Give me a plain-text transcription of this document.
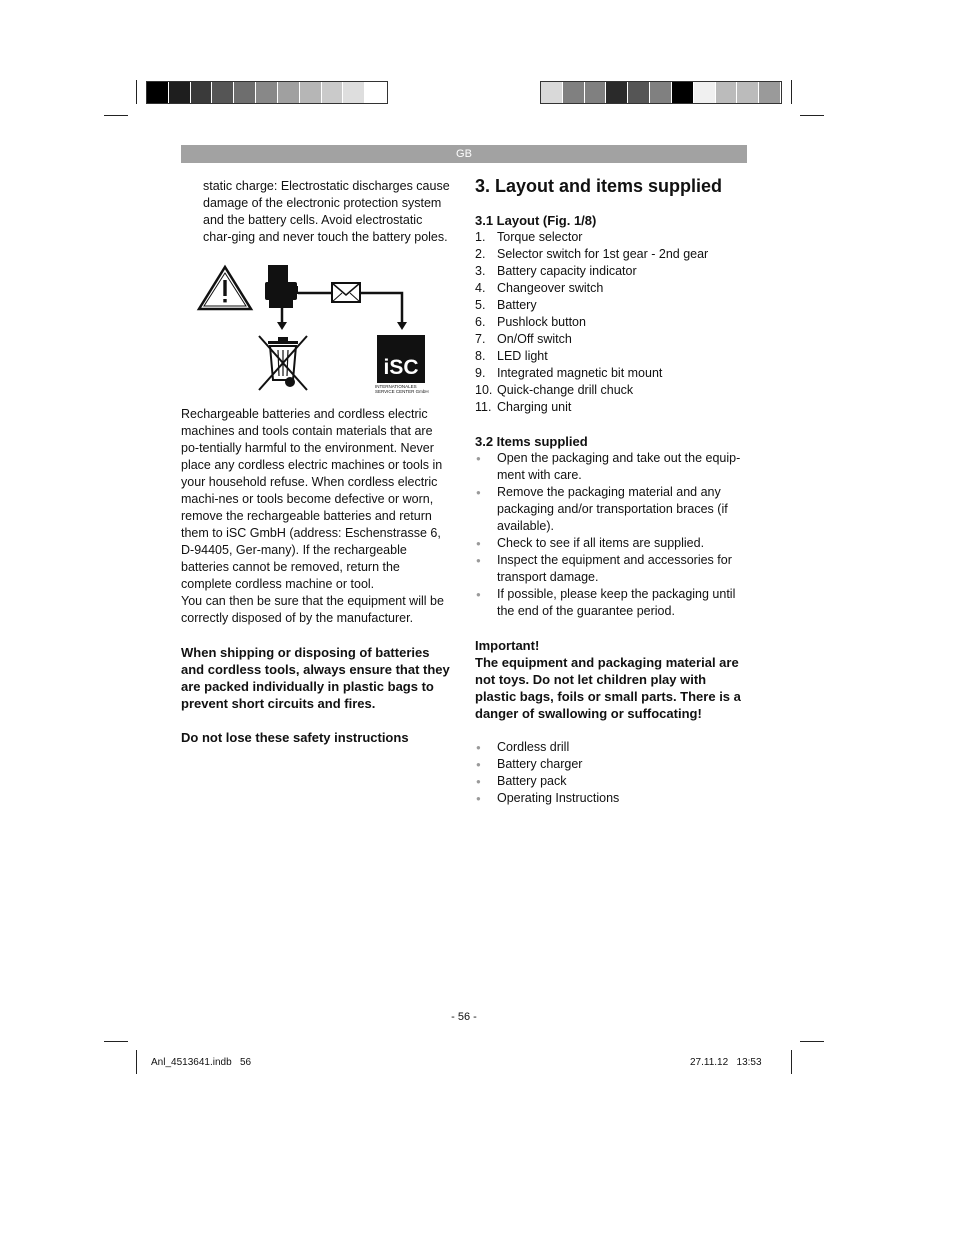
GB

static charge: Electrostatic discharges cause damage of the electronic protection system and the battery cells. Avoid electrostatic char-ging and never touch the battery poles.

iSC
INTERNATIONALES SERVICE CENTER GmbH

Rechargeable batteries and cordless electric machines and tools contain materials that are po-tentially harmful to the environment. Never place any cordless electric machines or tools in your household refuse. When cordless electric machi-nes or tools become defective or worn, remove the rechargeable batteries and return them to iSC GmbH (address: Eschenstrasse 6, D-94405, Ger-many). If the rechargeable batteries cannot be removed, return the complete cordless machine or tool.

You can then be sure that the equipment will be correctly disposed of by the manufacturer.

When shipping or disposing of batteries and cordless tools, always ensure that they are packed individually in plastic bags to prevent short circuits and fires.

Do not lose these safety instructions

3. Layout and items supplied
3.1 Layout (Fig. 1/8)
1. Torque selector
2. Selector switch for 1st gear - 2nd gear
3. Battery capacity indicator
4. Changeover switch
5. Battery
6. Pushlock button
7. On/Off switch
8. LED light
9. Integrated magnetic bit mount
10. Quick-change drill chuck
11. Charging unit
3.2 Items supplied
● Open the packaging and take out the equip-ment with care.
● Remove the packaging material and any packaging and/or transportation braces (if available).
● Check to see if all items are supplied.
● Inspect the equipment and accessories for transport damage.
● If possible, please keep the packaging until the end of the guarantee period.

Important!

The equipment and packaging material are not toys. Do not let children play with plastic bags, foils or small parts. There is a danger of swallowing or suffocating!

● Cordless drill
● Battery charger
● Battery pack
● Operating Instructions
- 56 -
Anl_4513641.indb   56	27.11.12   13:53
